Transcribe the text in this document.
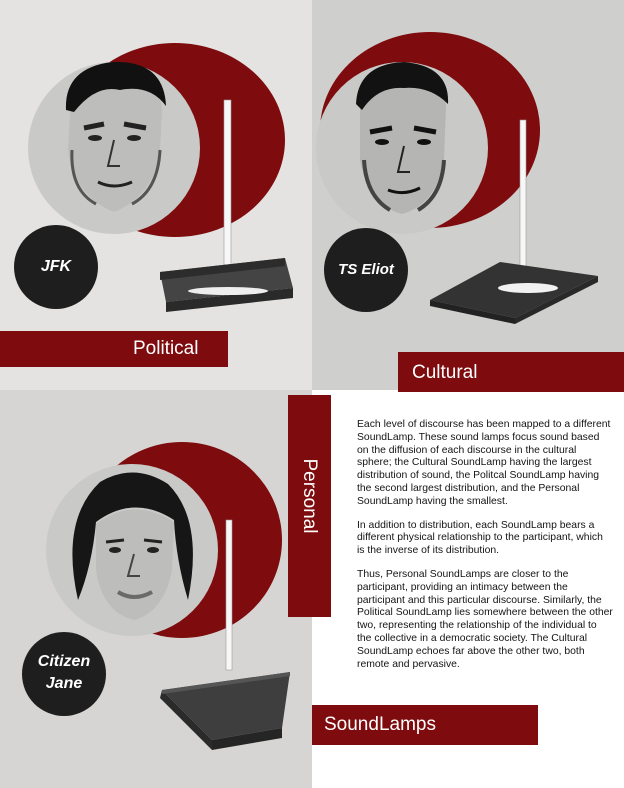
JFK	TS Eliot
Citizen
Jane
Political
Cultural
Personal
SoundLamps

Each level of discourse has been mapped to a different SoundLamp. These sound lamps focus sound based on the diffusion of each discourse in the cultural sphere; the Cultural SoundLamp having the largest distribution of sound, the Politcal SoundLamp having the second largest distribution, and the Personal SoundLamp having the smallest.

In addition to distribution, each SoundLamp bears a different physical relationship to the participant, which is the inverse of its distribution.

Thus, Personal SoundLamps are closer to the participant, providing an intimacy between the participant and this particular discourse. Similarly, the Political SoundLamp lies somewhere between the other two, representing the relationship of the individual to the collective in a democratic society. The Cultural SoundLamp echoes far above the other two, both remote and pervasive.
